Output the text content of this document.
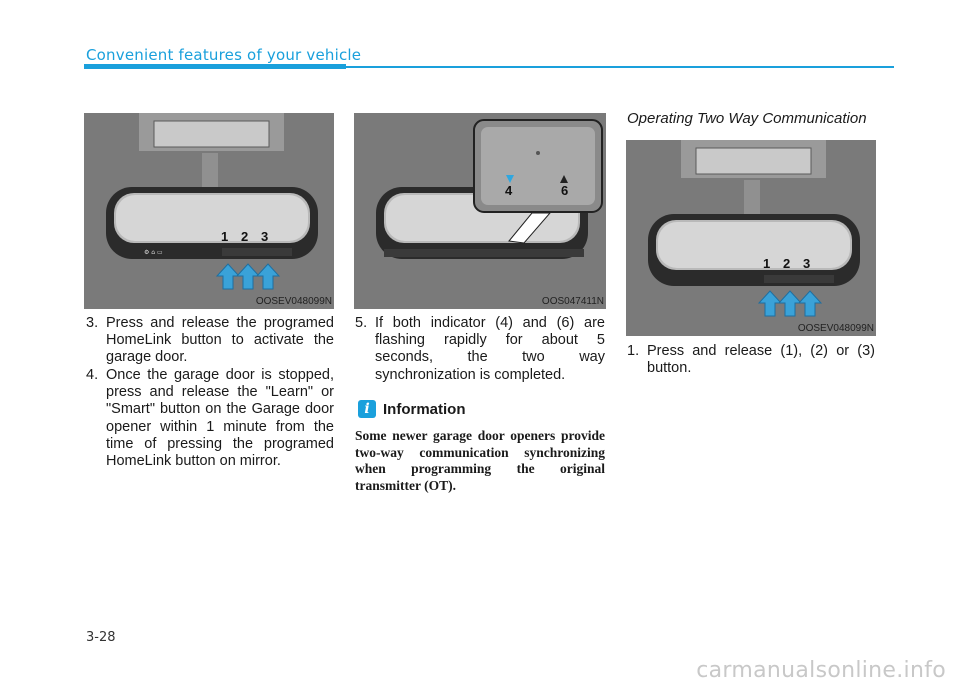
Convenient features of your vehicle
⚙ ⌂ ▭
1 2 3
OOSEV048099N
4	6
OOS047411N
1 2 3
OOSEV048099N
3. Press and release the programed HomeLink button to activate the garage door.
4. Once the garage door is stopped, press and release the "Learn" or "Smart" button on the Garage door opener within 1 minute from the time of pressing the programed HomeLink button on mirror.
5. If both indicator (4) and (6) are flashing rapidly for about 5 seconds, the two way synchronization is completed.
i Information
Some newer garage door openers provide two-way communication synchronizing when programming the original transmitter (OT).
Operating Two Way Communication
1. Press and release (1), (2) or (3) button.
3-28
carmanualsonline.info
